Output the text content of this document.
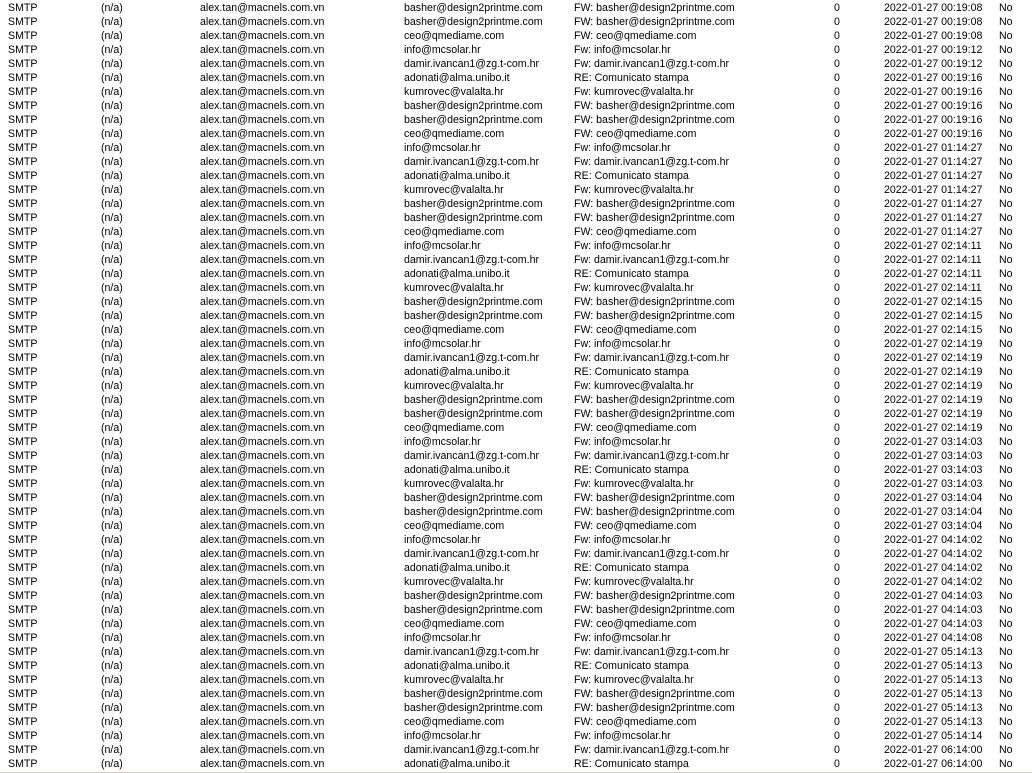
SMTP	(n/a)	alex.tan@macnels.com.vn	basher@design2printme.com	FW: basher@design2printme.com	0	2022-01-27 00:19:08	No
SMTP	(n/a)	alex.tan@macnels.com.vn	basher@design2printme.com	FW: basher@design2printme.com	0	2022-01-27 00:19:08	No
SMTP	(n/a)	alex.tan@macnels.com.vn	ceo@qmediame.com	FW: ceo@qmediame.com	0	2022-01-27 00:19:08	No
SMTP	(n/a)	alex.tan@macnels.com.vn	info@mcsolar.hr	Fw: info@mcsolar.hr	0	2022-01-27 00:19:12	No
SMTP	(n/a)	alex.tan@macnels.com.vn	damir.ivancan1@zg.t-com.hr	Fw: damir.ivancan1@zg.t-com.hr	0	2022-01-27 00:19:12	No
SMTP	(n/a)	alex.tan@macnels.com.vn	adonati@alma.unibo.it	RE: Comunicato stampa	0	2022-01-27 00:19:16	No
SMTP	(n/a)	alex.tan@macnels.com.vn	kumrovec@valalta.hr	Fw: kumrovec@valalta.hr	0	2022-01-27 00:19:16	No
SMTP	(n/a)	alex.tan@macnels.com.vn	basher@design2printme.com	FW: basher@design2printme.com	0	2022-01-27 00:19:16	No
SMTP	(n/a)	alex.tan@macnels.com.vn	basher@design2printme.com	FW: basher@design2printme.com	0	2022-01-27 00:19:16	No
SMTP	(n/a)	alex.tan@macnels.com.vn	ceo@qmediame.com	FW: ceo@qmediame.com	0	2022-01-27 00:19:16	No
SMTP	(n/a)	alex.tan@macnels.com.vn	info@mcsolar.hr	Fw: info@mcsolar.hr	0	2022-01-27 01:14:27	No
SMTP	(n/a)	alex.tan@macnels.com.vn	damir.ivancan1@zg.t-com.hr	Fw: damir.ivancan1@zg.t-com.hr	0	2022-01-27 01:14:27	No
SMTP	(n/a)	alex.tan@macnels.com.vn	adonati@alma.unibo.it	RE: Comunicato stampa	0	2022-01-27 01:14:27	No
SMTP	(n/a)	alex.tan@macnels.com.vn	kumrovec@valalta.hr	Fw: kumrovec@valalta.hr	0	2022-01-27 01:14:27	No
SMTP	(n/a)	alex.tan@macnels.com.vn	basher@design2printme.com	FW: basher@design2printme.com	0	2022-01-27 01:14:27	No
SMTP	(n/a)	alex.tan@macnels.com.vn	basher@design2printme.com	FW: basher@design2printme.com	0	2022-01-27 01:14:27	No
SMTP	(n/a)	alex.tan@macnels.com.vn	ceo@qmediame.com	FW: ceo@qmediame.com	0	2022-01-27 01:14:27	No
SMTP	(n/a)	alex.tan@macnels.com.vn	info@mcsolar.hr	Fw: info@mcsolar.hr	0	2022-01-27 02:14:11	No
SMTP	(n/a)	alex.tan@macnels.com.vn	damir.ivancan1@zg.t-com.hr	Fw: damir.ivancan1@zg.t-com.hr	0	2022-01-27 02:14:11	No
SMTP	(n/a)	alex.tan@macnels.com.vn	adonati@alma.unibo.it	RE: Comunicato stampa	0	2022-01-27 02:14:11	No
SMTP	(n/a)	alex.tan@macnels.com.vn	kumrovec@valalta.hr	Fw: kumrovec@valalta.hr	0	2022-01-27 02:14:11	No
SMTP	(n/a)	alex.tan@macnels.com.vn	basher@design2printme.com	FW: basher@design2printme.com	0	2022-01-27 02:14:15	No
SMTP	(n/a)	alex.tan@macnels.com.vn	basher@design2printme.com	FW: basher@design2printme.com	0	2022-01-27 02:14:15	No
SMTP	(n/a)	alex.tan@macnels.com.vn	ceo@qmediame.com	FW: ceo@qmediame.com	0	2022-01-27 02:14:15	No
SMTP	(n/a)	alex.tan@macnels.com.vn	info@mcsolar.hr	Fw: info@mcsolar.hr	0	2022-01-27 02:14:19	No
SMTP	(n/a)	alex.tan@macnels.com.vn	damir.ivancan1@zg.t-com.hr	Fw: damir.ivancan1@zg.t-com.hr	0	2022-01-27 02:14:19	No
SMTP	(n/a)	alex.tan@macnels.com.vn	adonati@alma.unibo.it	RE: Comunicato stampa	0	2022-01-27 02:14:19	No
SMTP	(n/a)	alex.tan@macnels.com.vn	kumrovec@valalta.hr	Fw: kumrovec@valalta.hr	0	2022-01-27 02:14:19	No
SMTP	(n/a)	alex.tan@macnels.com.vn	basher@design2printme.com	FW: basher@design2printme.com	0	2022-01-27 02:14:19	No
SMTP	(n/a)	alex.tan@macnels.com.vn	basher@design2printme.com	FW: basher@design2printme.com	0	2022-01-27 02:14:19	No
SMTP	(n/a)	alex.tan@macnels.com.vn	ceo@qmediame.com	FW: ceo@qmediame.com	0	2022-01-27 02:14:19	No
SMTP	(n/a)	alex.tan@macnels.com.vn	info@mcsolar.hr	Fw: info@mcsolar.hr	0	2022-01-27 03:14:03	No
SMTP	(n/a)	alex.tan@macnels.com.vn	damir.ivancan1@zg.t-com.hr	Fw: damir.ivancan1@zg.t-com.hr	0	2022-01-27 03:14:03	No
SMTP	(n/a)	alex.tan@macnels.com.vn	adonati@alma.unibo.it	RE: Comunicato stampa	0	2022-01-27 03:14:03	No
SMTP	(n/a)	alex.tan@macnels.com.vn	kumrovec@valalta.hr	Fw: kumrovec@valalta.hr	0	2022-01-27 03:14:03	No
SMTP	(n/a)	alex.tan@macnels.com.vn	basher@design2printme.com	FW: basher@design2printme.com	0	2022-01-27 03:14:04	No
SMTP	(n/a)	alex.tan@macnels.com.vn	basher@design2printme.com	FW: basher@design2printme.com	0	2022-01-27 03:14:04	No
SMTP	(n/a)	alex.tan@macnels.com.vn	ceo@qmediame.com	FW: ceo@qmediame.com	0	2022-01-27 03:14:04	No
SMTP	(n/a)	alex.tan@macnels.com.vn	info@mcsolar.hr	Fw: info@mcsolar.hr	0	2022-01-27 04:14:02	No
SMTP	(n/a)	alex.tan@macnels.com.vn	damir.ivancan1@zg.t-com.hr	Fw: damir.ivancan1@zg.t-com.hr	0	2022-01-27 04:14:02	No
SMTP	(n/a)	alex.tan@macnels.com.vn	adonati@alma.unibo.it	RE: Comunicato stampa	0	2022-01-27 04:14:02	No
SMTP	(n/a)	alex.tan@macnels.com.vn	kumrovec@valalta.hr	Fw: kumrovec@valalta.hr	0	2022-01-27 04:14:02	No
SMTP	(n/a)	alex.tan@macnels.com.vn	basher@design2printme.com	FW: basher@design2printme.com	0	2022-01-27 04:14:03	No
SMTP	(n/a)	alex.tan@macnels.com.vn	basher@design2printme.com	FW: basher@design2printme.com	0	2022-01-27 04:14:03	No
SMTP	(n/a)	alex.tan@macnels.com.vn	ceo@qmediame.com	FW: ceo@qmediame.com	0	2022-01-27 04:14:03	No
SMTP	(n/a)	alex.tan@macnels.com.vn	info@mcsolar.hr	Fw: info@mcsolar.hr	0	2022-01-27 04:14:08	No
SMTP	(n/a)	alex.tan@macnels.com.vn	damir.ivancan1@zg.t-com.hr	Fw: damir.ivancan1@zg.t-com.hr	0	2022-01-27 05:14:13	No
SMTP	(n/a)	alex.tan@macnels.com.vn	adonati@alma.unibo.it	RE: Comunicato stampa	0	2022-01-27 05:14:13	No
SMTP	(n/a)	alex.tan@macnels.com.vn	kumrovec@valalta.hr	Fw: kumrovec@valalta.hr	0	2022-01-27 05:14:13	No
SMTP	(n/a)	alex.tan@macnels.com.vn	basher@design2printme.com	FW: basher@design2printme.com	0	2022-01-27 05:14:13	No
SMTP	(n/a)	alex.tan@macnels.com.vn	basher@design2printme.com	FW: basher@design2printme.com	0	2022-01-27 05:14:13	No
SMTP	(n/a)	alex.tan@macnels.com.vn	ceo@qmediame.com	FW: ceo@qmediame.com	0	2022-01-27 05:14:13	No
SMTP	(n/a)	alex.tan@macnels.com.vn	info@mcsolar.hr	Fw: info@mcsolar.hr	0	2022-01-27 05:14:14	No
SMTP	(n/a)	alex.tan@macnels.com.vn	damir.ivancan1@zg.t-com.hr	Fw: damir.ivancan1@zg.t-com.hr	0	2022-01-27 06:14:00	No
SMTP	(n/a)	alex.tan@macnels.com.vn	adonati@alma.unibo.it	RE: Comunicato stampa	0	2022-01-27 06:14:00	No
